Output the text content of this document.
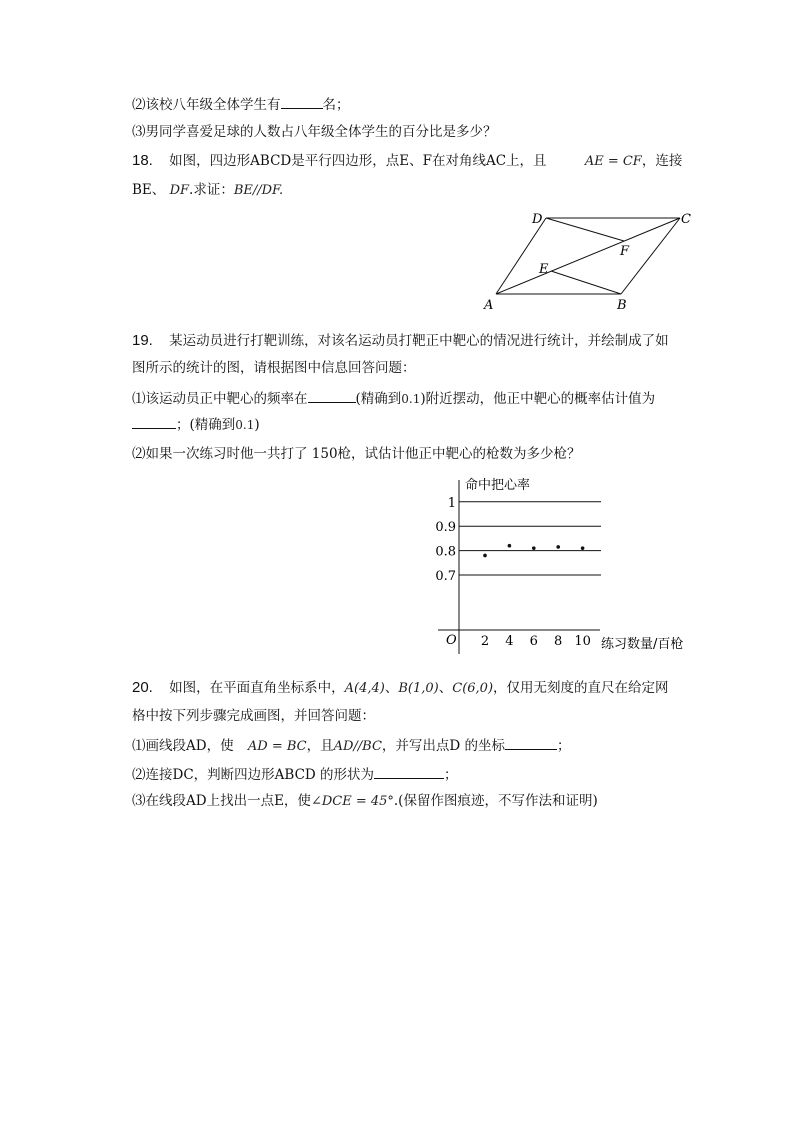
⑵该校八年级全体学生有	名；
⑶男同学喜爱足球的人数占八年级全体学生的百分比是多少？
18. 如图，四边形ABCD是平行四边形，点E、F在对角线AC上，且	AE = CF，连接
BE、 DF.求证：BE//DF.
A	B
C
D
E
F
19. 某运动员进行打靶训练，对该名运动员打靶正中靶心的情况进行统计，并绘制成了如
图所示的统计的图，请根据图中信息回答问题：
⑴该运动员正中靶心的频率在	(精确到0.1)附近摆动，他正中靶心的概率估计值为
；(精确到0.1)
⑵如果一次练习时他一共打了 150枪，试估计他正中靶心的枪数为多少枪？
命中把心率
练习数量/百枪
O
0.7
0.8
0.9
1
2 4 6 8 10
20. 如图，在平面直角坐标系中，A(4,4)、B(1,0)、C(6,0)，仅用无刻度的直尺在给定网
格中按下列步骤完成画图，并回答问题：
⑴画线段AD，使 AD = BC，且AD//BC，并写出点D 的坐标	；
⑵连接DC，判断四边形ABCD 的形状为	；
⑶在线段AD上找出一点E，使∠DCE = 45°.(保留作图痕迹，不写作法和证明)
